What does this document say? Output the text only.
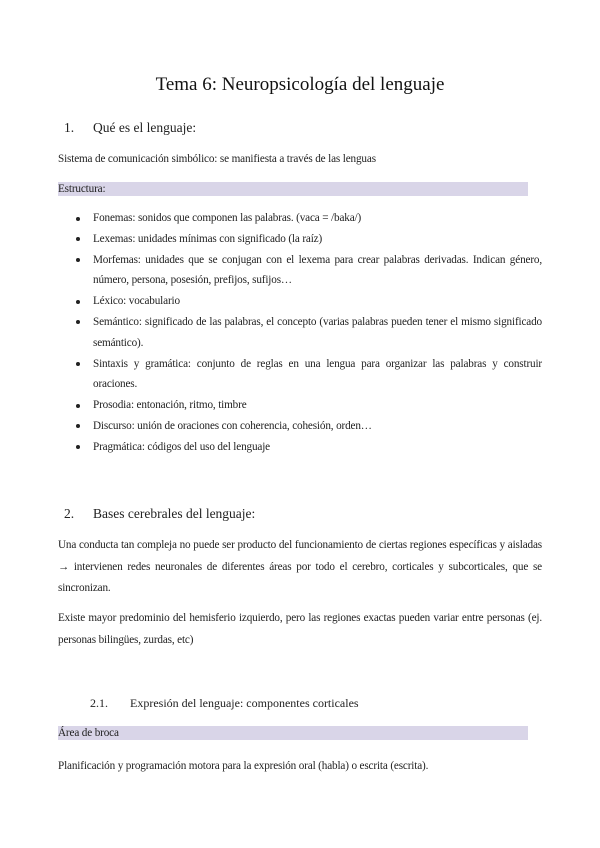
Tema 6: Neuropsicología del lenguaje
1. Qué es el lenguaje:
Sistema de comunicación simbólico: se manifiesta a través de las lenguas
Estructura:
Fonemas: sonidos que componen las palabras. (vaca = /baka/)
Lexemas: unidades mínimas con significado (la raíz)
Morfemas: unidades que se conjugan con el lexema para crear palabras derivadas. Indican género, número, persona, posesión, prefijos, sufijos…
Léxico: vocabulario
Semántico: significado de las palabras, el concepto (varias palabras pueden tener el mismo significado semántico).
Sintaxis y gramática: conjunto de reglas en una lengua para organizar las palabras y construir oraciones.
Prosodia: entonación, ritmo, timbre
Discurso: unión de oraciones con coherencia, cohesión, orden…
Pragmática: códigos del uso del lenguaje
2. Bases cerebrales del lenguaje:
Una conducta tan compleja no puede ser producto del funcionamiento de ciertas regiones específicas y aisladas → intervienen redes neuronales de diferentes áreas por todo el cerebro, corticales y subcorticales, que se sincronizan.
Existe mayor predominio del hemisferio izquierdo, pero las regiones exactas pueden variar entre personas (ej. personas bilingües, zurdas, etc)
2.1. Expresión del lenguaje: componentes corticales
Área de broca
Planificación y programación motora para la expresión oral (habla) o escrita (escrita).
